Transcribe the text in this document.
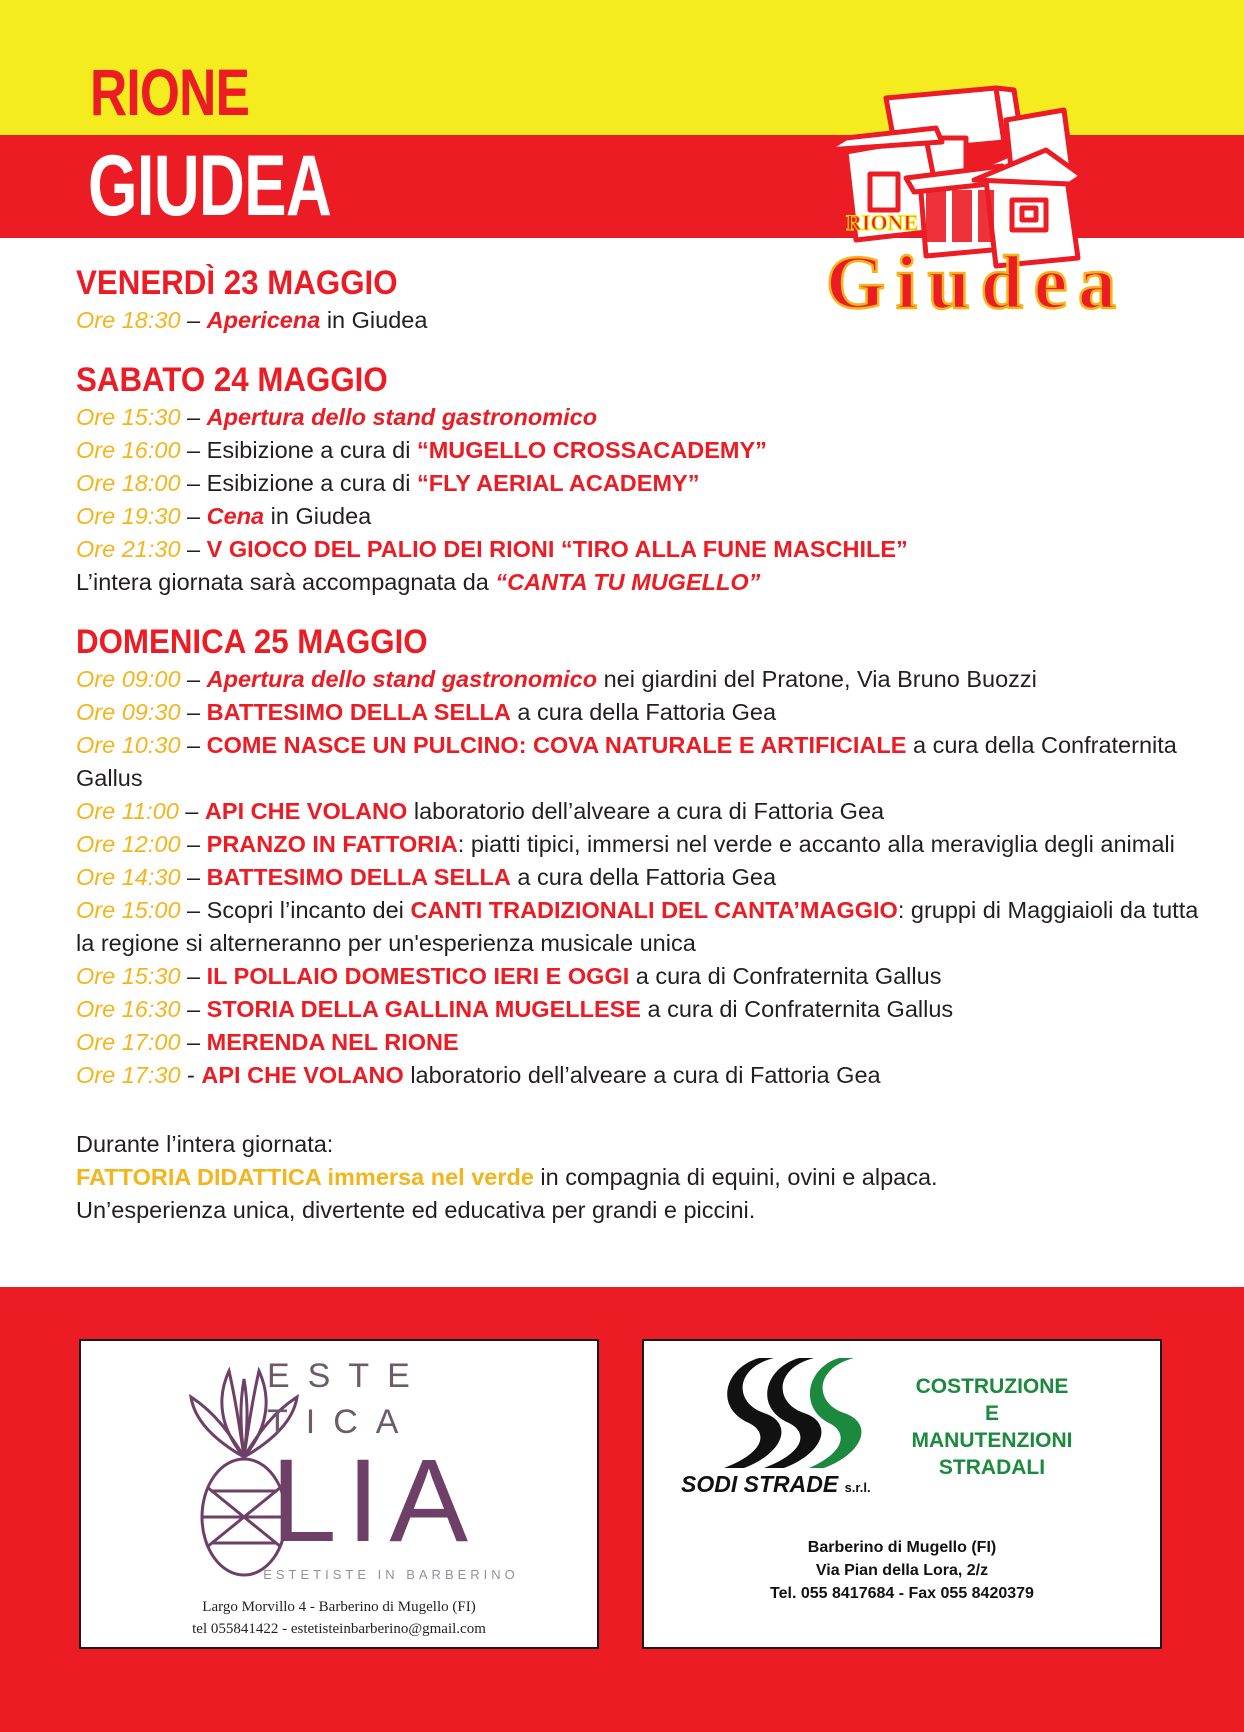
RIONE
GIUDEA	RIONE
Giudea
VENERDÌ 23 MAGGIO

Ore 18:30 – Apericena in Giudea

SABATO 24 MAGGIO

Ore 15:30 – Apertura dello stand gastronomico

Ore 16:00 – Esibizione a cura di “MUGELLO CROSSACADEMY”

Ore 18:00 – Esibizione a cura di “FLY AERIAL ACADEMY”

Ore 19:30 – Cena in Giudea

Ore 21:30 – V GIOCO DEL PALIO DEI RIONI “TIRO ALLA FUNE MASCHILE”

L’intera giornata sarà accompagnata da “CANTA TU MUGELLO”

DOMENICA 25 MAGGIO

Ore 09:00 – Apertura dello stand gastronomico nei giardini del Pratone, Via Bruno Buozzi

Ore 09:30 – BATTESIMO DELLA SELLA a cura della Fattoria Gea

Ore 10:30 – COME NASCE UN PULCINO: COVA NATURALE E ARTIFICIALE a cura della Confraternita Gallus

Ore 11:00 – API CHE VOLANO laboratorio dell’alveare a cura di Fattoria Gea

Ore 12:00 – PRANZO IN FATTORIA: piatti tipici, immersi nel verde e accanto alla meraviglia degli animali

Ore 14:30 – BATTESIMO DELLA SELLA a cura della Fattoria Gea

Ore 15:00 – Scopri l’incanto dei CANTI TRADIZIONALI DEL CANTA’MAGGIO: gruppi di Maggiaioli da tutta la regione si alterneranno per un'esperienza musicale unica

Ore 15:30 – IL POLLAIO DOMESTICO IERI E OGGI a cura di Confraternita Gallus

Ore 16:30 – STORIA DELLA GALLINA MUGELLESE a cura di Confraternita Gallus

Ore 17:00 – MERENDA NEL RIONE

Ore 17:30 - API CHE VOLANO laboratorio dell’alveare a cura di Fattoria Gea

Durante l’intera giornata:

FATTORIA DIDATTICA immersa nel verde in compagnia di equini, ovini e alpaca.

Un’esperienza unica, divertente ed educativa per grandi e piccini.

ESTE

TICA

LIA

ESTETISTE IN BARBERINO

Largo Morvillo 4 - Barberino di Mugello (FI)

tel 055841422 - estetisteinbarberino@gmail.com

SODI STRADE s.r.l.

COSTRUZIONE
E
MANUTENZIONI
STRADALI

Barberino di Mugello (FI)

Via Pian della Lora, 2/z

Tel. 055 8417684 - Fax 055 8420379
